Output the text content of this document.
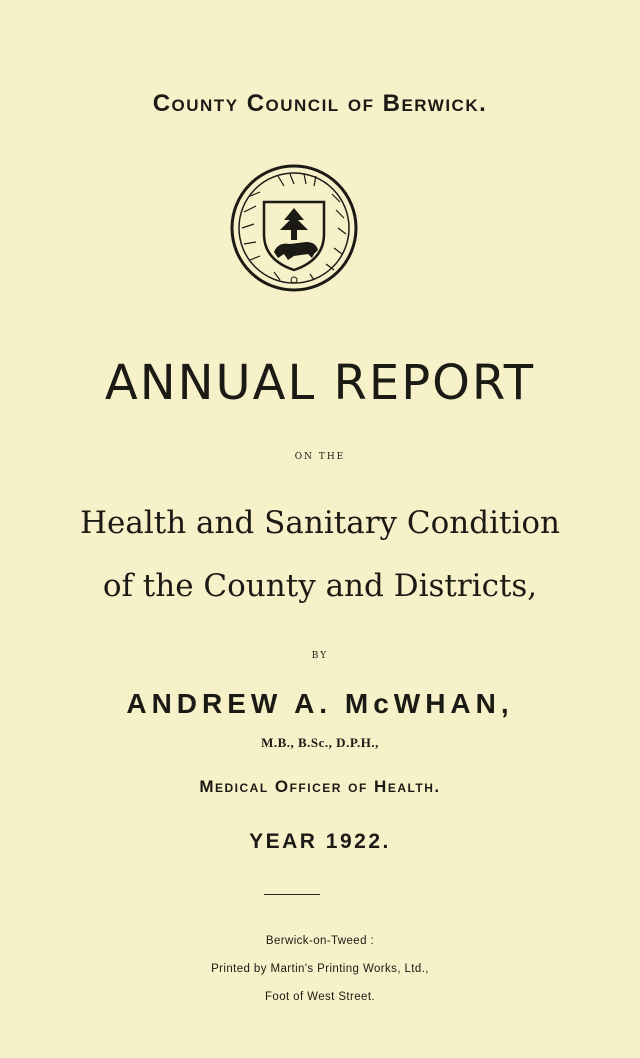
County Council of Berwick.
ANNUAL REPORT
ON THE
Health and Sanitary Condition
of the County and Districts,
BY
ANDREW A. McWHAN,
M.B., B.Sc., D.P.H.,
Medical Officer of Health.
YEAR 1922.
Berwick-on-Tweed :
Printed by Martin's Printing Works, Ltd.,
Foot of West Street.
